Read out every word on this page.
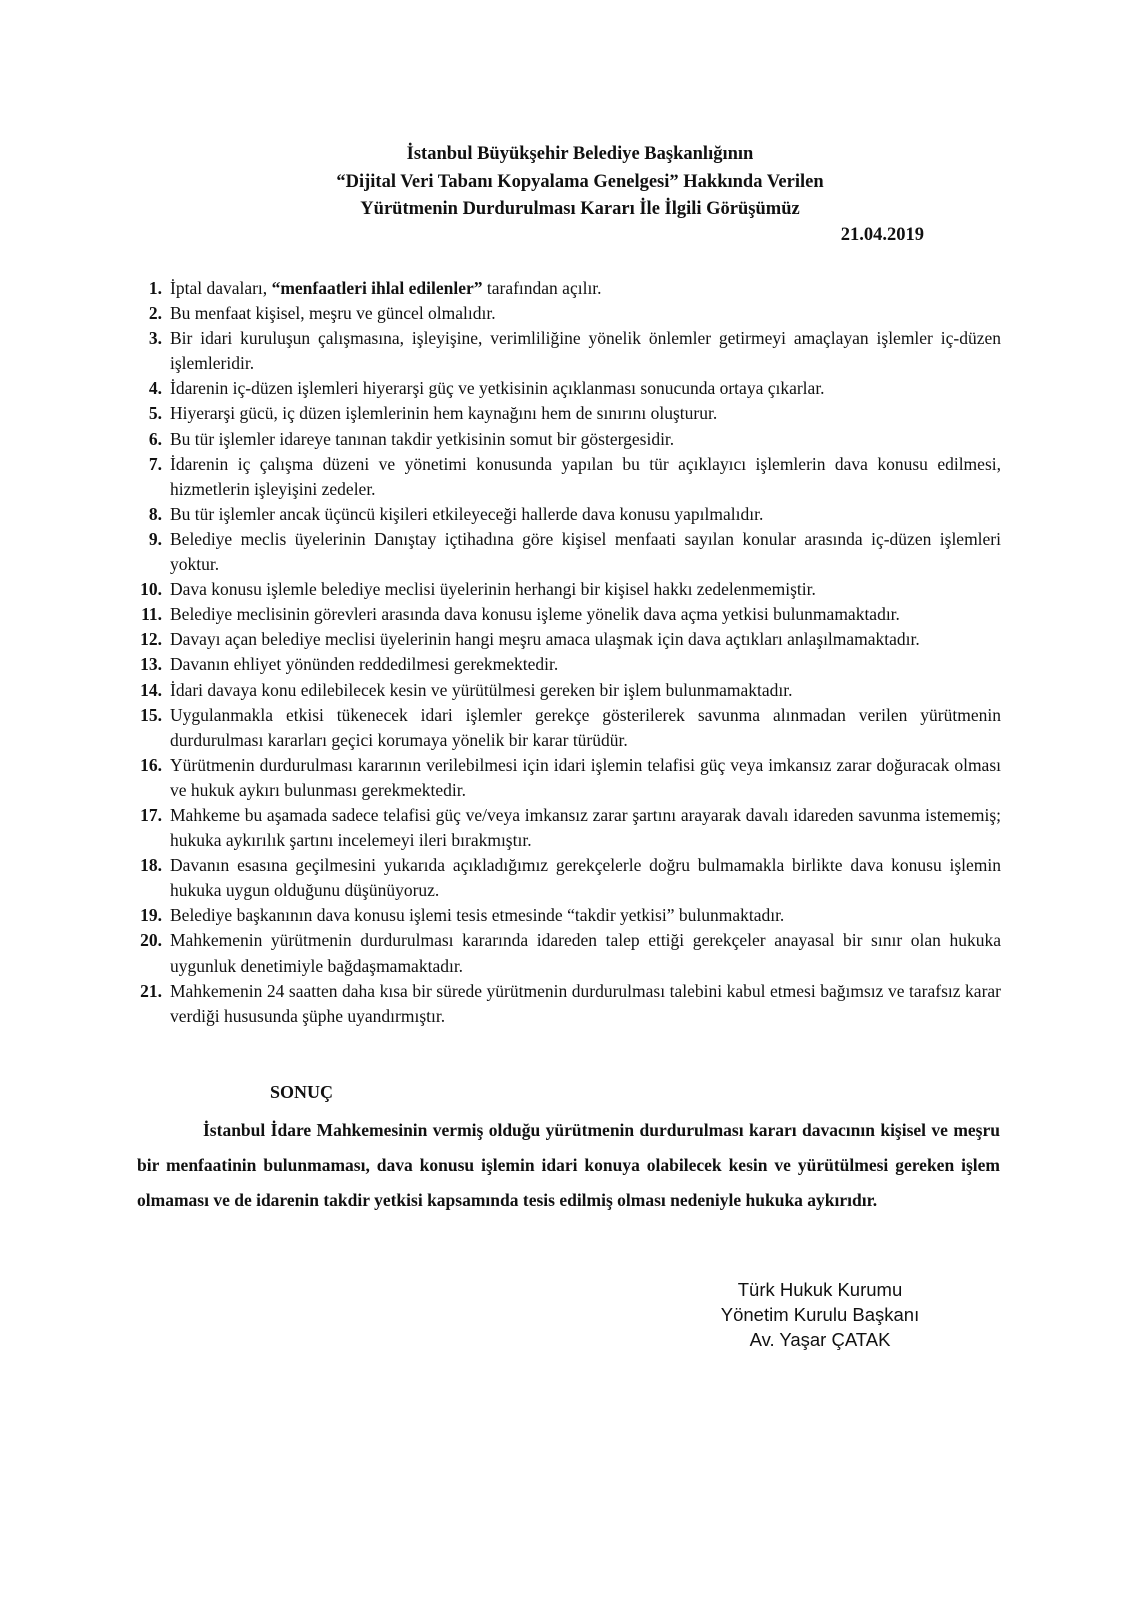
İstanbul Büyükşehir Belediye Başkanlığının
“Dijital Veri Tabanı Kopyalama Genelgesi” Hakkında Verilen
Yürütmenin Durdurulması Kararı İle İlgili Görüşümüz
21.04.2019
1. İptal davaları, “menfaatleri ihlal edilenler” tarafından açılır.
2. Bu menfaat kişisel, meşru ve güncel olmalıdır.
3. Bir idari kuruluşun çalışmasına, işleyişine, verimliliğine yönelik önlemler getirmeyi amaçlayan işlemler iç-düzen işlemleridir.
4. İdarenin iç-düzen işlemleri hiyerarşi güç ve yetkisinin açıklanması sonucunda ortaya çıkarlar.
5. Hiyerarşi gücü, iç düzen işlemlerinin hem kaynağını hem de sınırını oluşturur.
6. Bu tür işlemler idareye tanınan takdir yetkisinin somut bir göstergesidir.
7. İdarenin iç çalışma düzeni ve yönetimi konusunda yapılan bu tür açıklayıcı işlemlerin dava konusu edilmesi, hizmetlerin işleyişini zedeler.
8. Bu tür işlemler ancak üçüncü kişileri etkileyeceği hallerde dava konusu yapılmalıdır.
9. Belediye meclis üyelerinin Danıştay içtihadına göre kişisel menfaati sayılan konular arasında iç-düzen işlemleri yoktur.
10. Dava konusu işlemle belediye meclisi üyelerinin herhangi bir kişisel hakkı zedelenmemiştir.
11. Belediye meclisinin görevleri arasında dava konusu işleme yönelik dava açma yetkisi bulunmamaktadır.
12. Davayı açan belediye meclisi üyelerinin hangi meşru amaca ulaşmak için dava açtıkları anlaşılmamaktadır.
13. Davanın ehliyet yönünden reddedilmesi gerekmektedir.
14. İdari davaya konu edilebilecek kesin ve yürütülmesi gereken bir işlem bulunmamaktadır.
15. Uygulanmakla etkisi tükenecek idari işlemler gerekçe gösterilerek savunma alınmadan verilen yürütmenin durdurulması kararları geçici korumaya yönelik bir karar türüdür.
16. Yürütmenin durdurulması kararının verilebilmesi için idari işlemin telafisi güç veya imkansız zarar doğuracak olması ve hukuk aykırı bulunması gerekmektedir.
17. Mahkeme bu aşamada sadece telafisi güç ve/veya imkansız zarar şartını arayarak davalı idareden savunma istememiş; hukuka aykırılık şartını incelemeyi ileri bırakmıştır.
18. Davanın esasına geçilmesini yukarıda açıkladığımız gerekçelerle doğru bulmamakla birlikte dava konusu işlemin hukuka uygun olduğunu düşünüyoruz.
19. Belediye başkanının dava konusu işlemi tesis etmesinde “takdir yetkisi” bulunmaktadır.
20. Mahkemenin yürütmenin durdurulması kararında idareden talep ettiği gerekçeler anayasal bir sınır olan hukuka uygunluk denetimiyle bağdaşmamaktadır.
21. Mahkemenin 24 saatten daha kısa bir sürede yürütmenin durdurulması talebini kabul etmesi bağımsız ve tarafsız karar verdiği hususunda şüphe uyandırmıştır.
SONUÇ

İstanbul İdare Mahkemesinin vermiş olduğu yürütmenin durdurulması kararı davacının kişisel ve meşru bir menfaatinin bulunmaması, dava konusu işlemin idari konuya olabilecek kesin ve yürütülmesi gereken işlem olmaması ve de idarenin takdir yetkisi kapsamında tesis edilmiş olması nedeniyle hukuka aykırıdır.

Türk Hukuk Kurumu
Yönetim Kurulu Başkanı
Av. Yaşar ÇATAK
